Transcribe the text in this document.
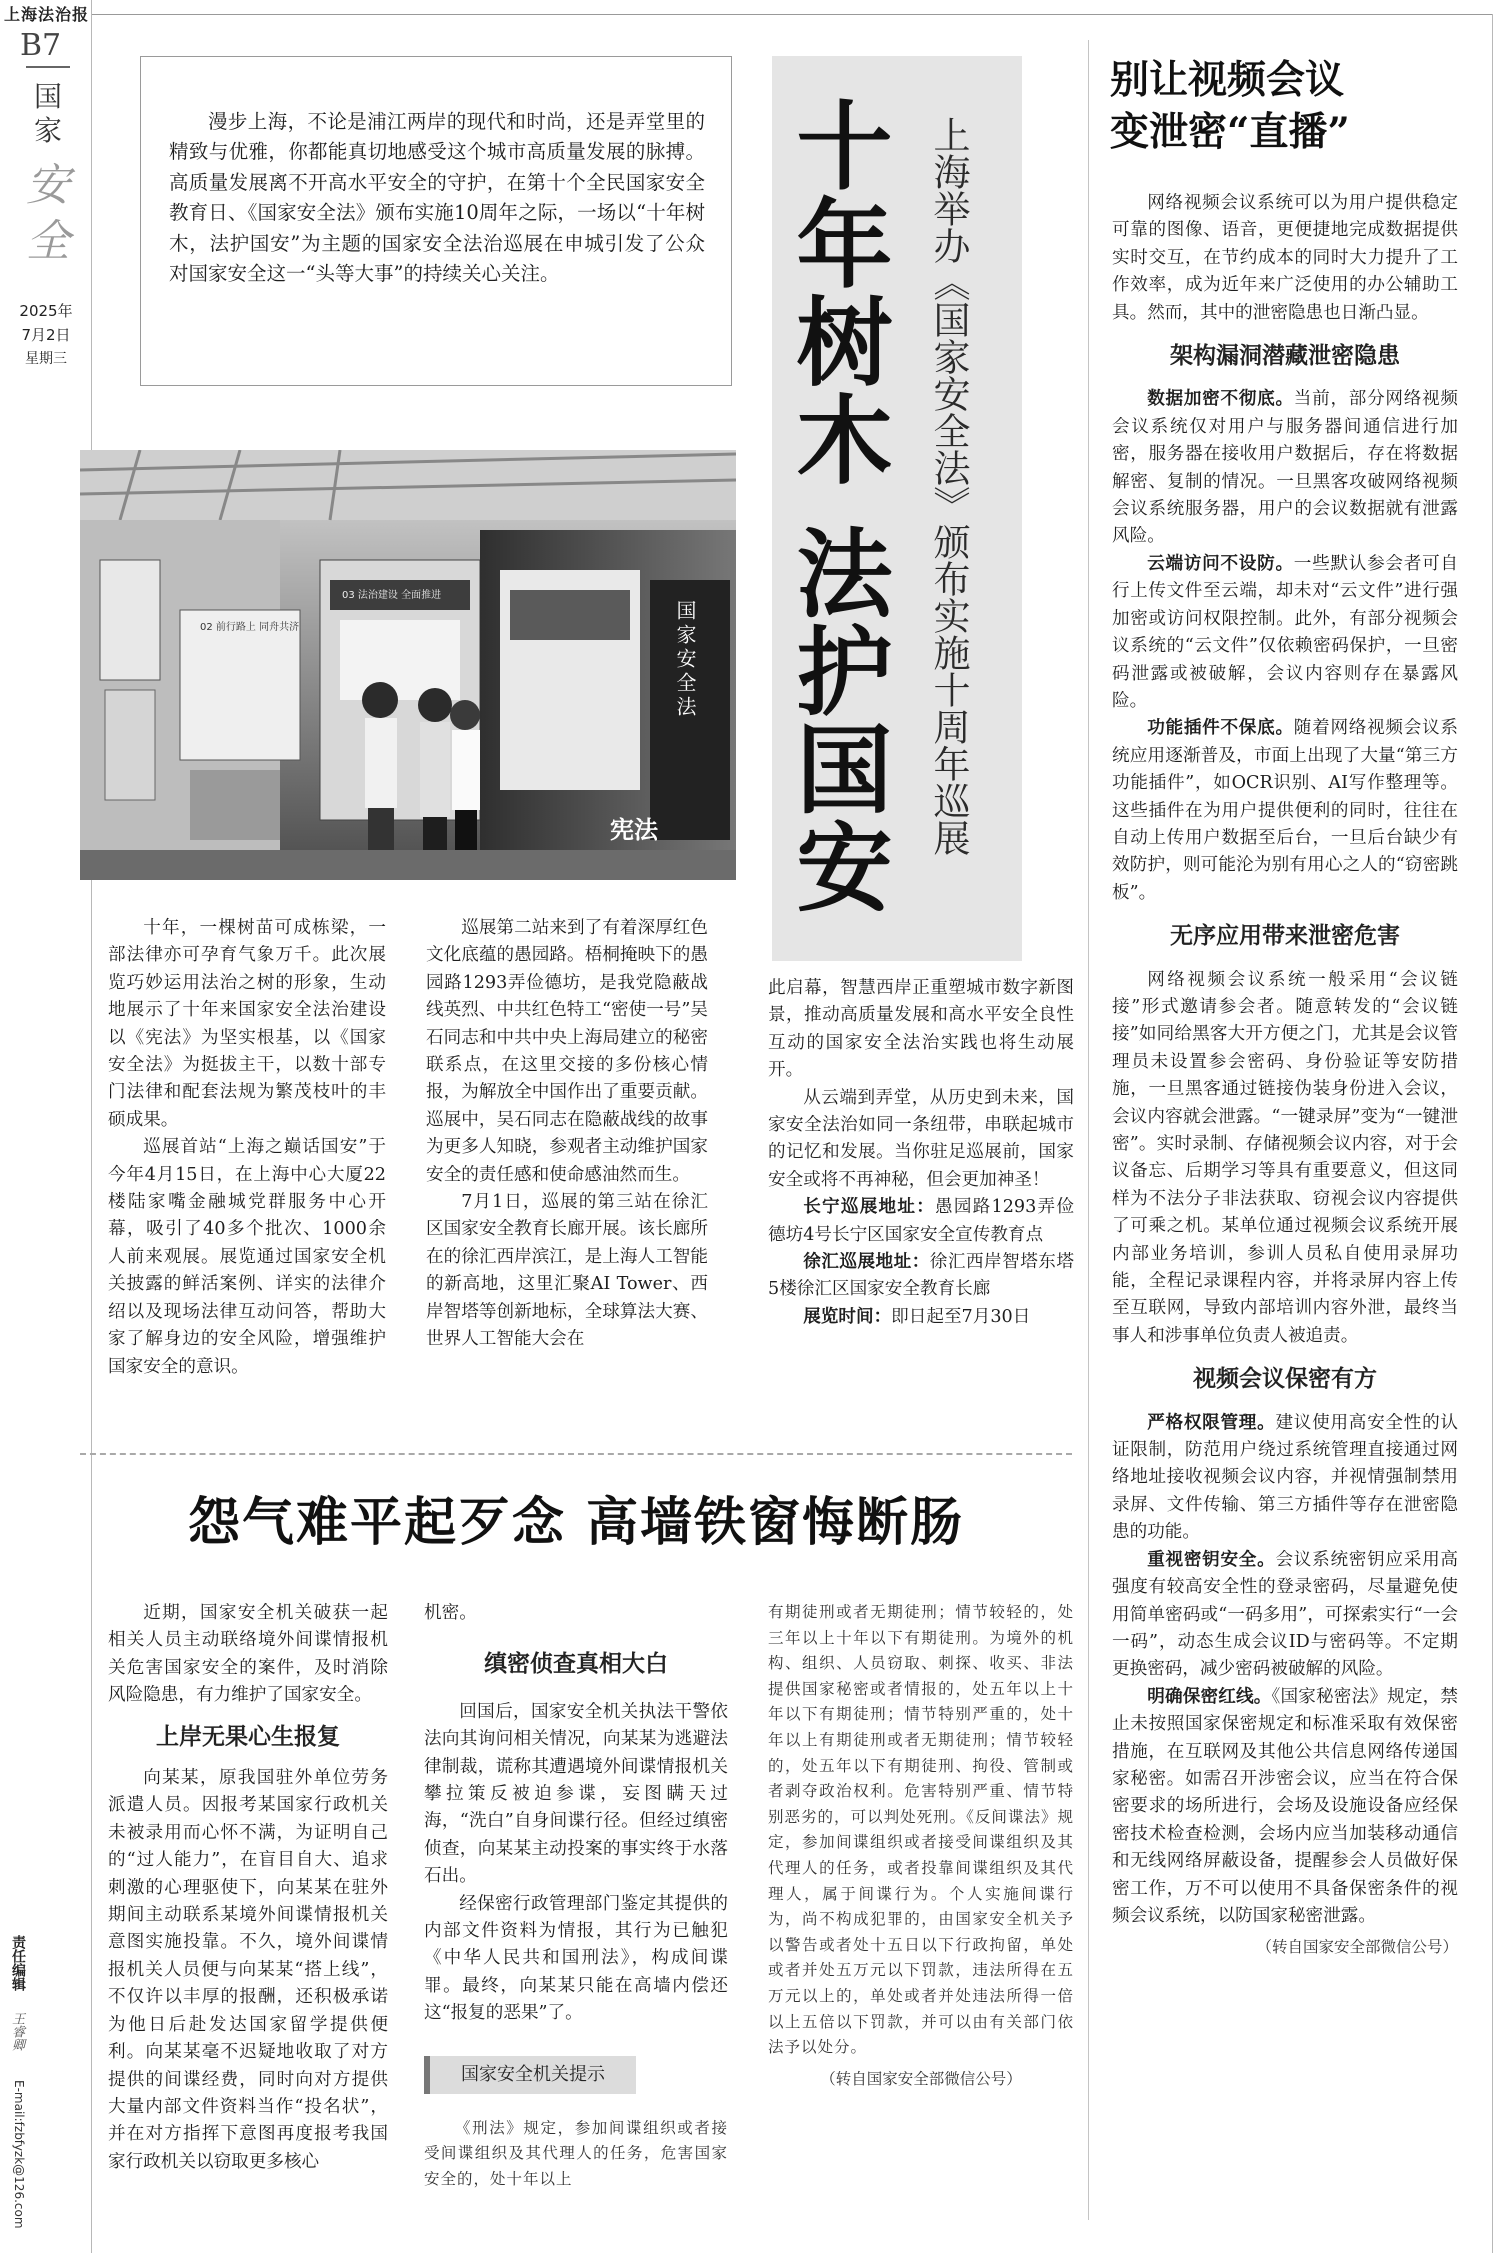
上海法治报
B7
国家
安
全
2025年
7月2日
星期三
责任编辑
王睿卿
E-mail:fzbfyzk@126.com

漫步上海，不论是浦江两岸的现代和时尚，还是弄堂里的精致与优雅，你都能真切地感受这个城市高质量发展的脉搏。高质量发展离不开高水平安全的守护，在第十个全民国家安全教育日、《国家安全法》颁布实施10周年之际，一场以“十年树木，法护国安”为主题的国家安全法治巡展在申城引发了公众对国家安全这一“头等大事”的持续关心关注。	十年树木 法护国安 上海举办《国家安全法》颁布实施十周年巡展
国家安全法
宪法
02 前行路上 同舟共济
03 法治建设 全面推进

十年，一棵树苗可成栋梁，一部法律亦可孕育气象万千。此次展览巧妙运用法治之树的形象，生动地展示了十年来国家安全法治建设以《宪法》为坚实根基，以《国家安全法》为挺拔主干，以数十部专门法律和配套法规为繁茂枝叶的丰硕成果。

巡展首站“上海之巅话国安”于今年4月15日，在上海中心大厦22楼陆家嘴金融城党群服务中心开幕，吸引了40多个批次、1000余人前来观展。展览通过国家安全机关披露的鲜活案例、详实的法律介绍以及现场法律互动问答，帮助大家了解身边的安全风险，增强维护国家安全的意识。

巡展第二站来到了有着深厚红色文化底蕴的愚园路。梧桐掩映下的愚园路1293弄俭德坊，是我党隐蔽战线英烈、中共红色特工“密使一号”吴石同志和中共中央上海局建立的秘密联系点，在这里交接的多份核心情报，为解放全中国作出了重要贡献。巡展中，吴石同志在隐蔽战线的故事为更多人知晓，参观者主动维护国家安全的责任感和使命感油然而生。

7月1日，巡展的第三站在徐汇区国家安全教育长廊开展。该长廊所在的徐汇西岸滨江，是上海人工智能的新高地，这里汇聚AI Tower、西岸智塔等创新地标，全球算法大赛、世界人工智能大会在

此启幕，智慧西岸正重塑城市数字新图景，推动高质量发展和高水平安全良性互动的国家安全法治实践也将生动展开。

从云端到弄堂，从历史到未来，国家安全法治如同一条纽带，串联起城市的记忆和发展。当你驻足巡展前，国家安全或将不再神秘，但会更加神圣！

长宁巡展地址：愚园路1293弄俭德坊4号长宁区国家安全宣传教育点

徐汇巡展地址：徐汇西岸智塔东塔5楼徐汇区国家安全教育长廊

展览时间：即日起至7月30日

怨气难平起歹念 高墙铁窗悔断肠

近期，国家安全机关破获一起相关人员主动联络境外间谍情报机关危害国家安全的案件，及时消除风险隐患，有力维护了国家安全。

上岸无果心生报复

向某某，原我国驻外单位劳务派遣人员。因报考某国家行政机关未被录用而心怀不满，为证明自己的“过人能力”，在盲目自大、追求刺激的心理驱使下，向某某在驻外期间主动联系某境外间谍情报机关意图实施投靠。不久，境外间谍情报机关人员便与向某某“搭上线”，不仅许以丰厚的报酬，还积极承诺为他日后赴发达国家留学提供便利。向某某毫不迟疑地收取了对方提供的间谍经费，同时向对方提供大量内部文件资料当作“投名状”，并在对方指挥下意图再度报考我国家行政机关以窃取更多核心

机密。

缜密侦查真相大白

回国后，国家安全机关执法干警依法向其询问相关情况，向某某为逃避法律制裁，谎称其遭遇境外间谍情报机关攀拉策反被迫参谍，妄图瞒天过海，“洗白”自身间谍行径。但经过缜密侦查，向某某主动投案的事实终于水落石出。

经保密行政管理部门鉴定其提供的内部文件资料为情报，其行为已触犯《中华人民共和国刑法》，构成间谍罪。最终，向某某只能在高墙内偿还这“报复的恶果”了。

国家安全机关提示

《刑法》规定，参加间谍组织或者接受间谍组织及其代理人的任务，危害国家安全的，处十年以上

有期徒刑或者无期徒刑；情节较轻的，处三年以上十年以下有期徒刑。为境外的机构、组织、人员窃取、刺探、收买、非法提供国家秘密或者情报的，处五年以上十年以下有期徒刑；情节特别严重的，处十年以上有期徒刑或者无期徒刑；情节较轻的，处五年以下有期徒刑、拘役、管制或者剥夺政治权利。危害特别严重、情节特别恶劣的，可以判处死刑。《反间谍法》规定，参加间谍组织或者接受间谍组织及其代理人的任务，或者投靠间谍组织及其代理人，属于间谍行为。个人实施间谍行为，尚不构成犯罪的，由国家安全机关予以警告或者处十五日以下行政拘留，单处或者并处五万元以下罚款，违法所得在五万元以上的，单处或者并处违法所得一倍以上五倍以下罚款，并可以由有关部门依法予以处分。

（转自国家安全部微信公号）
别让视频会议
变泄密“直播”

网络视频会议系统可以为用户提供稳定可靠的图像、语音，更便捷地完成数据提供实时交互，在节约成本的同时大力提升了工作效率，成为近年来广泛使用的办公辅助工具。然而，其中的泄密隐患也日渐凸显。

架构漏洞潜藏泄密隐患

数据加密不彻底。当前，部分网络视频会议系统仅对用户与服务器间通信进行加密，服务器在接收用户数据后，存在将数据解密、复制的情况。一旦黑客攻破网络视频会议系统服务器，用户的会议数据就有泄露风险。

云端访问不设防。一些默认参会者可自行上传文件至云端，却未对“云文件”进行强加密或访问权限控制。此外，有部分视频会议系统的“云文件”仅依赖密码保护，一旦密码泄露或被破解，会议内容则存在暴露风险。

功能插件不保底。随着网络视频会议系统应用逐渐普及，市面上出现了大量“第三方功能插件”，如OCR识别、AI写作整理等。这些插件在为用户提供便利的同时，往往在自动上传用户数据至后台，一旦后台缺少有效防护，则可能沦为别有用心之人的“窃密跳板”。

无序应用带来泄密危害

网络视频会议系统一般采用“会议链接”形式邀请参会者。随意转发的“会议链接”如同给黑客大开方便之门，尤其是会议管理员未设置参会密码、身份验证等安防措施，一旦黑客通过链接伪装身份进入会议，会议内容就会泄露。“一键录屏”变为“一键泄密”。实时录制、存储视频会议内容，对于会议备忘、后期学习等具有重要意义，但这同样为不法分子非法获取、窃视会议内容提供了可乘之机。某单位通过视频会议系统开展内部业务培训，参训人员私自使用录屏功能，全程记录课程内容，并将录屏内容上传至互联网，导致内部培训内容外泄，最终当事人和涉事单位负责人被追责。

视频会议保密有方

严格权限管理。建议使用高安全性的认证限制，防范用户绕过系统管理直接通过网络地址接收视频会议内容，并视情强制禁用录屏、文件传输、第三方插件等存在泄密隐患的功能。

重视密钥安全。会议系统密钥应采用高强度有较高安全性的登录密码，尽量避免使用简单密码或“一码多用”，可探索实行“一会一码”，动态生成会议ID与密码等。不定期更换密码，减少密码被破解的风险。

明确保密红线。《国家秘密法》规定，禁止未按照国家保密规定和标准采取有效保密措施，在互联网及其他公共信息网络传递国家秘密。如需召开涉密会议，应当在符合保密要求的场所进行，会场及设施设备应经保密技术检查检测，会场内应当加装移动通信和无线网络屏蔽设备，提醒参会人员做好保密工作，万不可以使用不具备保密条件的视频会议系统，以防国家秘密泄露。

（转自国家安全部微信公号）
